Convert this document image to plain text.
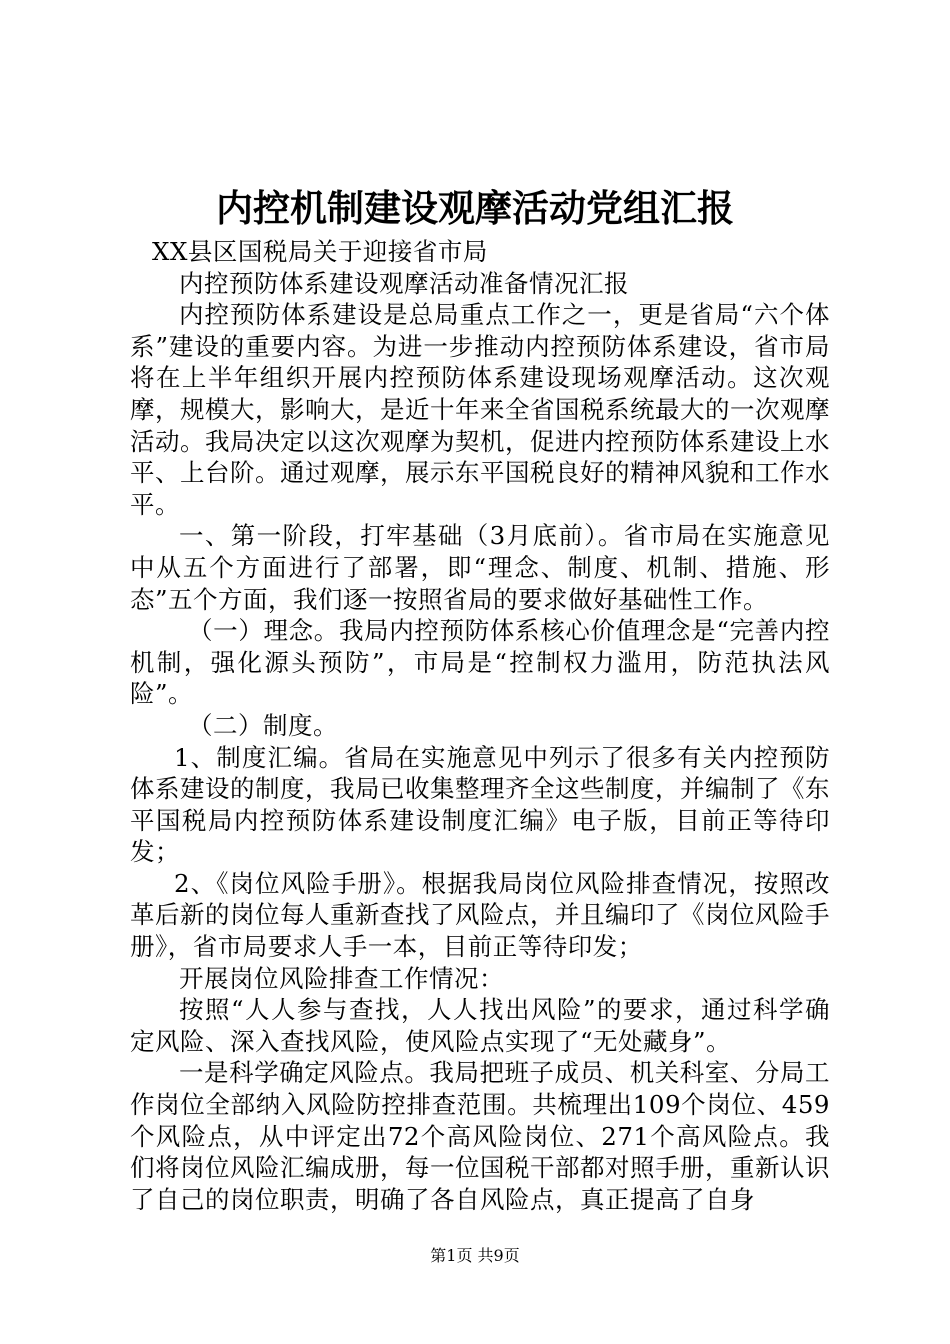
内控机制建设观摩活动党组汇报

XX县区国税局关于迎接省市局

内控预防体系建设观摩活动准备情况汇报

内控预防体系建设是总局重点工作之一，更是省局“六个体系”建设的重要内容。为进一步推动内控预防体系建设，省市局将在上半年组织开展内控预防体系建设现场观摩活动。这次观摩，规模大，影响大，是近十年来全省国税系统最大的一次观摩活动。我局决定以这次观摩为契机，促进内控预防体系建设上水平、上台阶。通过观摩，展示东平国税良好的精神风貌和工作水平。

一、第一阶段，打牢基础（3月底前）。省市局在实施意见中从五个方面进行了部署，即“理念、制度、机制、措施、形态”五个方面，我们逐一按照省局的要求做好基础性工作。

（一）理念。我局内控预防体系核心价值理念是“完善内控机制，强化源头预防”，市局是“控制权力滥用，防范执法风险”。

（二）制度。

1、制度汇编。省局在实施意见中列示了很多有关内控预防体系建设的制度，我局已收集整理齐全这些制度，并编制了《东平国税局内控预防体系建设制度汇编》电子版，目前正等待印发；

2、《岗位风险手册》。根据我局岗位风险排查情况，按照改革后新的岗位每人重新查找了风险点，并且编印了《岗位风险手册》，省市局要求人手一本，目前正等待印发；

开展岗位风险排查工作情况：

按照“人人参与查找，人人找出风险”的要求，通过科学确定风险、深入查找风险，使风险点实现了“无处藏身”。

一是科学确定风险点。我局把班子成员、机关科室、分局工作岗位全部纳入风险防控排查范围。共梳理出109个岗位、459个风险点，从中评定出72个高风险岗位、271个高风险点。我们将岗位风险汇编成册，每一位国税干部都对照手册，重新认识了自己的岗位职责，明确了各自风险点，真正提高了自身

第1页 共9页
